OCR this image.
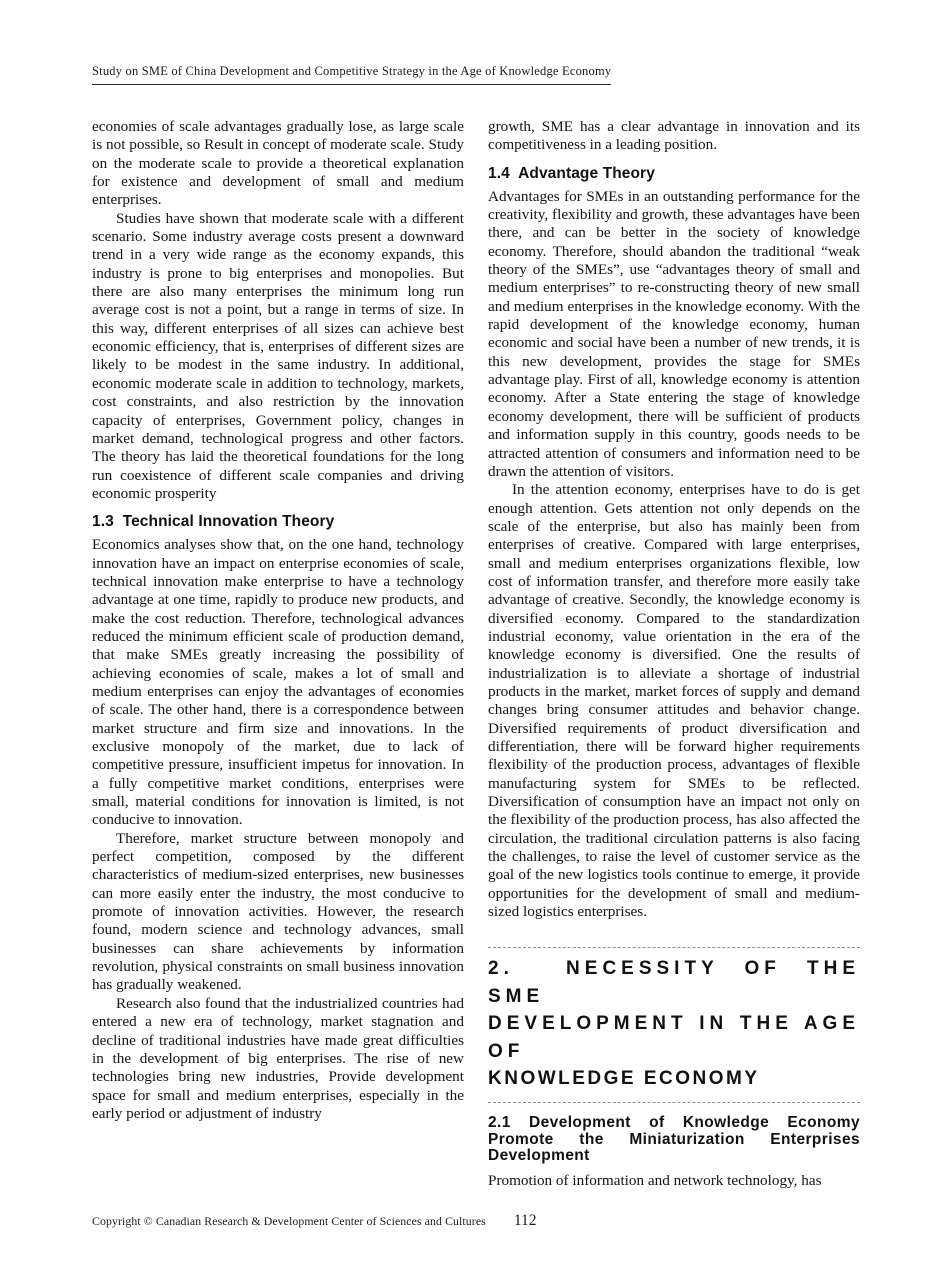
Study on SME of China Development and Competitive Strategy in the Age of Knowledge Economy

economies of scale advantages gradually lose, as large scale is not possible, so Result in concept of moderate scale. Study on the moderate scale to provide a theoretical explanation for existence and development of small and medium enterprises.

Studies have shown that moderate scale with a different scenario. Some industry average costs present a downward trend in a very wide range as the economy expands, this industry is prone to big enterprises and monopolies. But there are also many enterprises the minimum long run average cost is not a point, but a range in terms of size. In this way, different enterprises of all sizes can achieve best economic efficiency, that is, enterprises of different sizes are likely to be modest in the same industry. In additional, economic moderate scale in addition to technology, markets, cost constraints, and also restriction by the innovation capacity of enterprises, Government policy, changes in market demand, technological progress and other factors. The theory has laid the theoretical foundations for the long run coexistence of different scale companies and driving economic prosperity

1.3  Technical Innovation Theory

Economics analyses show that, on the one hand, technology innovation have an impact on enterprise economies of scale, technical innovation make enterprise to have a technology advantage at one time, rapidly to produce new products, and make the cost reduction. Therefore, technological advances reduced the minimum efficient scale of production demand, that make SMEs greatly increasing the possibility of achieving economies of scale, makes a lot of small and medium enterprises can enjoy the advantages of economies of scale. The other hand, there is a correspondence between market structure and firm size and innovations. In the exclusive monopoly of the market, due to lack of competitive pressure, insufficient impetus for innovation. In a fully competitive market conditions, enterprises were small, material conditions for innovation is limited, is not conducive to innovation.

Therefore, market structure between monopoly and perfect competition, composed by the different characteristics of medium-sized enterprises, new businesses can more easily enter the industry, the most conducive to promote of innovation activities. However, the research found, modern science and technology advances, small businesses can share achievements by information revolution, physical constraints on small business innovation has gradually weakened.

Research also found that the industrialized countries had entered a new era of technology, market stagnation and decline of traditional industries have made great difficulties in the development of big enterprises. The rise of new technologies bring new industries, Provide development space for small and medium enterprises, especially in the early period or adjustment of industry

growth, SME has a clear advantage in innovation and its competitiveness in a leading position.

1.4  Advantage Theory

Advantages for SMEs in an outstanding performance for the creativity, flexibility and growth, these advantages have been there, and can be better in the society of knowledge economy. Therefore, should abandon the traditional “weak theory of the SMEs”, use “advantages theory of small and medium enterprises” to re-constructing theory of new small and medium enterprises in the knowledge economy. With the rapid development of the knowledge economy, human economic and social have been a number of new trends, it is this new development, provides the stage for SMEs advantage play. First of all, knowledge economy is attention economy. After a State entering the stage of knowledge economy development, there will be sufficient of products and information supply in this country, goods needs to be attracted attention of consumers and information need to be drawn the attention of visitors.

In the attention economy, enterprises have to do is get enough attention. Gets attention not only depends on the scale of the enterprise, but also has mainly been from enterprises of creative. Compared with large enterprises, small and medium enterprises organizations flexible, low cost of information transfer, and therefore more easily take advantage of creative. Secondly, the knowledge economy is diversified economy. Compared to the standardization industrial economy, value orientation in the era of the knowledge economy is diversified. One the results of industrialization is to alleviate a shortage of industrial products in the market, market forces of supply and demand changes bring consumer attitudes and behavior change. Diversified requirements of product diversification and differentiation, there will be forward higher requirements flexibility of the production process, advantages of flexible manufacturing system for SMEs to be reflected. Diversification of consumption have an impact not only on the flexibility of the production process, has also affected the circulation, the traditional circulation patterns is also facing the challenges, to raise the level of customer service as the goal of the new logistics tools continue to emerge, it provide opportunities for the development of small and medium-sized logistics enterprises.

2.  NECESSITY OF THE SME
DEVELOPMENT IN THE AGE OF
KNOWLEDGE ECONOMY
2.1 Development of Knowledge Economy
Promote the Miniaturization Enterprises
Development

Promotion of information and network technology, has

Copyright © Canadian Research & Development Center of Sciences and Cultures 112
